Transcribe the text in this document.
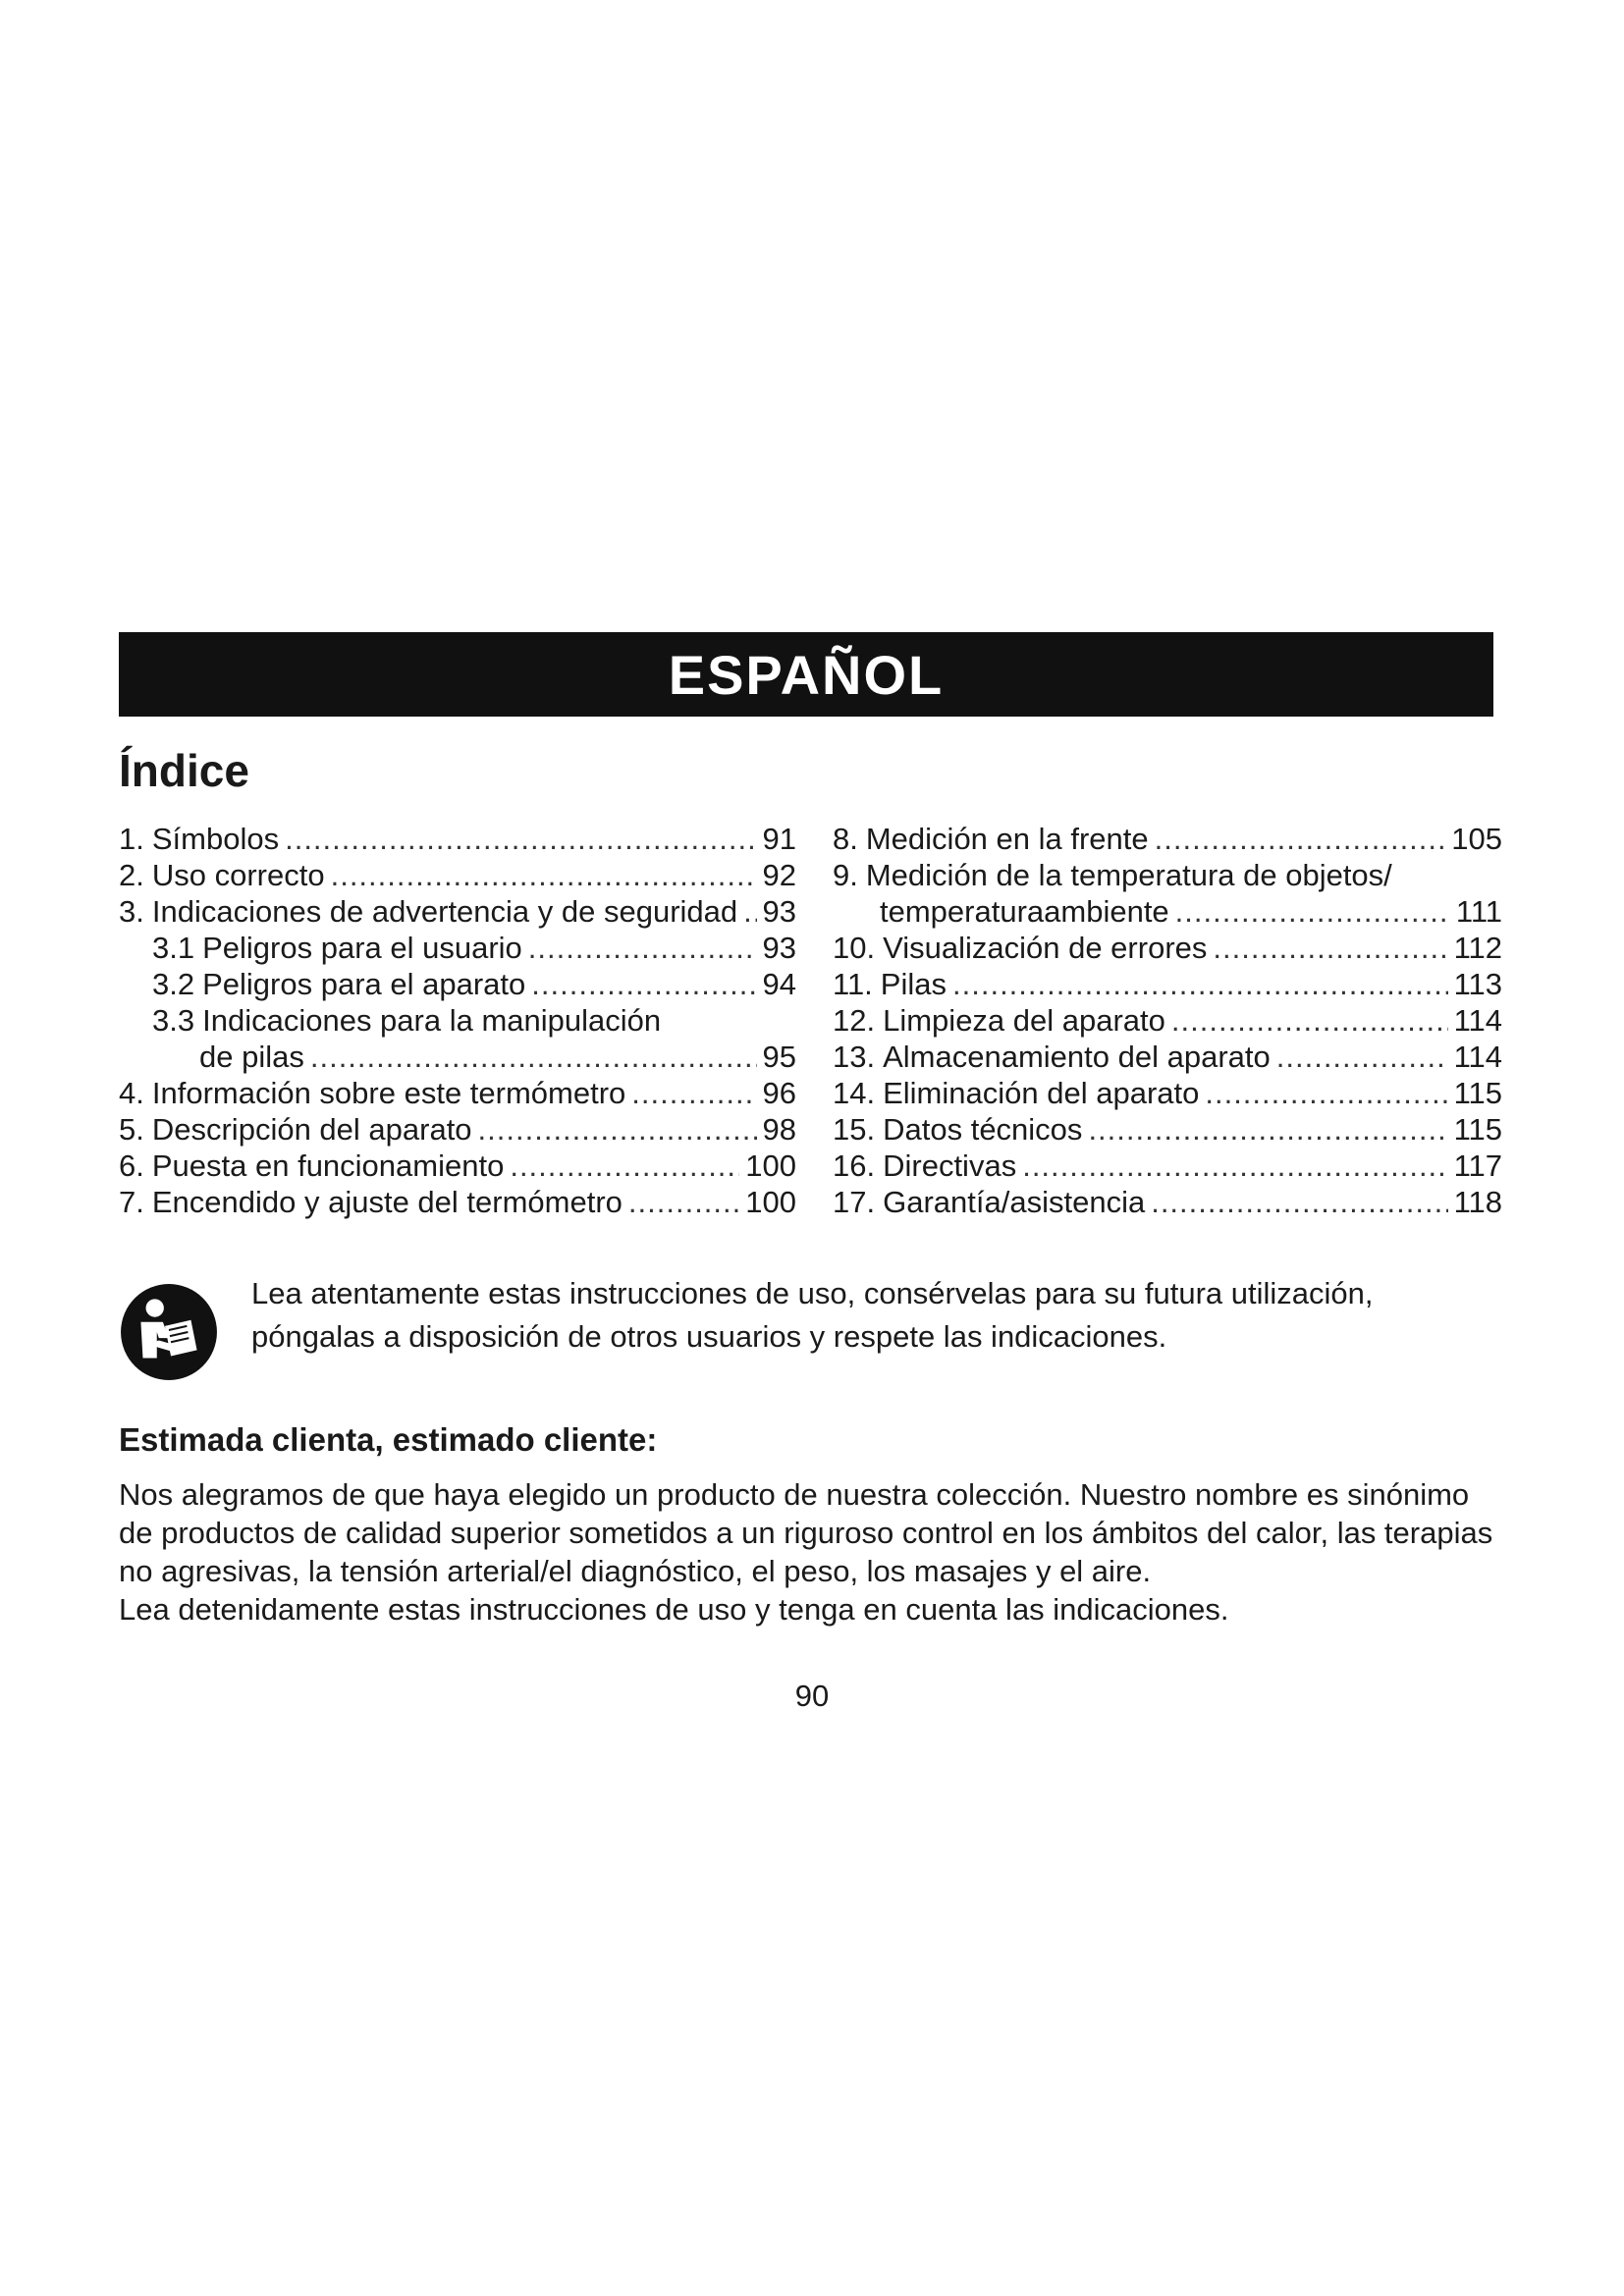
ESPAÑOL
Índice
1. Símbolos .....	91
2. Uso correcto .....	92
3. Indicaciones de advertencia y de seguridad ..... 93
3.1 Peligros para el usuario .....	93
3.2 Peligros para el aparato .....	94
3.3 Indicaciones para la manipulación
de pilas .....	95
4. Información sobre este termómetro .....	96
5. Descripción del aparato .....	98
6. Puesta en funcionamiento .....	100
7. Encendido y ajuste del termómetro .....	100
8. Medición en la frente .....	105
9. Medición de la temperatura de objetos/
temperaturaambiente .....	111
10. Visualización de errores .....	112
11. Pilas .....	113
12. Limpieza del aparato .....	114
13. Almacenamiento del aparato .....	114
14. Eliminación del aparato .....	115
15. Datos técnicos .....	115
16. Directivas .....	117
17. Garantía/asistencia .....	118

Lea atentamente estas instrucciones de uso, consérvelas para su futura utilización, póngalas a disposición de otros usuarios y respete las indicaciones.

Estimada clienta, estimado cliente:

Nos alegramos de que haya elegido un producto de nuestra colección. Nuestro nombre es sinónimo de productos de calidad superior sometidos a un riguroso control en los ámbitos del calor, las terapias no agresivas, la tensión arterial/el diagnóstico, el peso, los masajes y el aire.
Lea detenidamente estas instrucciones de uso y tenga en cuenta las indicaciones.

90
